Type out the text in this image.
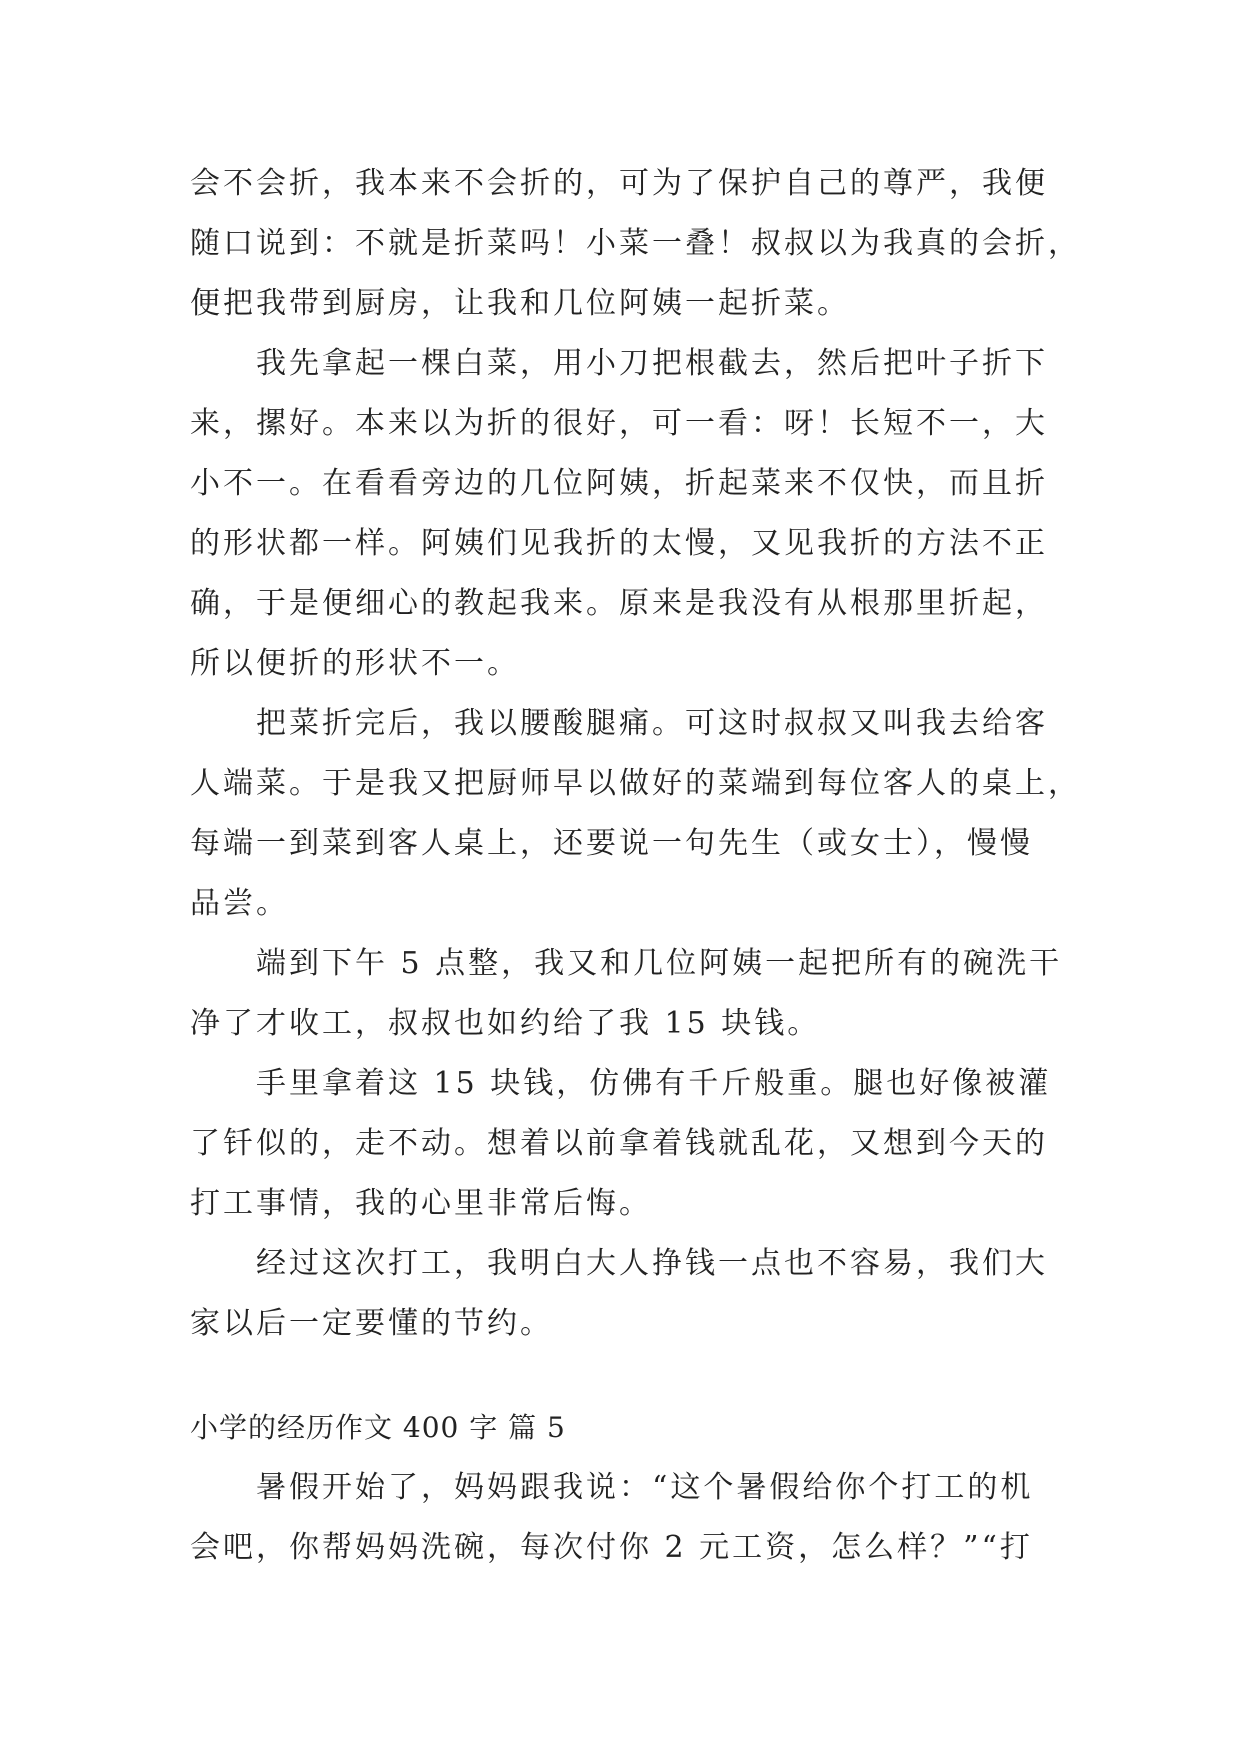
会不会折，我本来不会折的，可为了保护自己的尊严，我便
随口说到：不就是折菜吗！小菜一叠！叔叔以为我真的会折，
便把我带到厨房，让我和几位阿姨一起折菜。
我先拿起一棵白菜，用小刀把根截去，然后把叶子折下
来，摞好。本来以为折的很好，可一看：呀！长短不一，大
小不一。在看看旁边的几位阿姨，折起菜来不仅快，而且折
的形状都一样。阿姨们见我折的太慢，又见我折的方法不正
确，于是便细心的教起我来。原来是我没有从根那里折起，
所以便折的形状不一。
把菜折完后，我以腰酸腿痛。可这时叔叔又叫我去给客
人端菜。于是我又把厨师早以做好的菜端到每位客人的桌上，
每端一到菜到客人桌上，还要说一句先生（或女士），慢慢
品尝。
端到下午 5 点整，我又和几位阿姨一起把所有的碗洗干
净了才收工，叔叔也如约给了我 15 块钱。
手里拿着这 15 块钱，仿佛有千斤般重。腿也好像被灌
了钎似的，走不动。想着以前拿着钱就乱花，又想到今天的
打工事情，我的心里非常后悔。
经过这次打工，我明白大人挣钱一点也不容易，我们大
家以后一定要懂的节约。
小学的经历作文 400 字 篇 5
暑假开始了，妈妈跟我说：“这个暑假给你个打工的机
会吧，你帮妈妈洗碗，每次付你 2 元工资，怎么样？”“打
